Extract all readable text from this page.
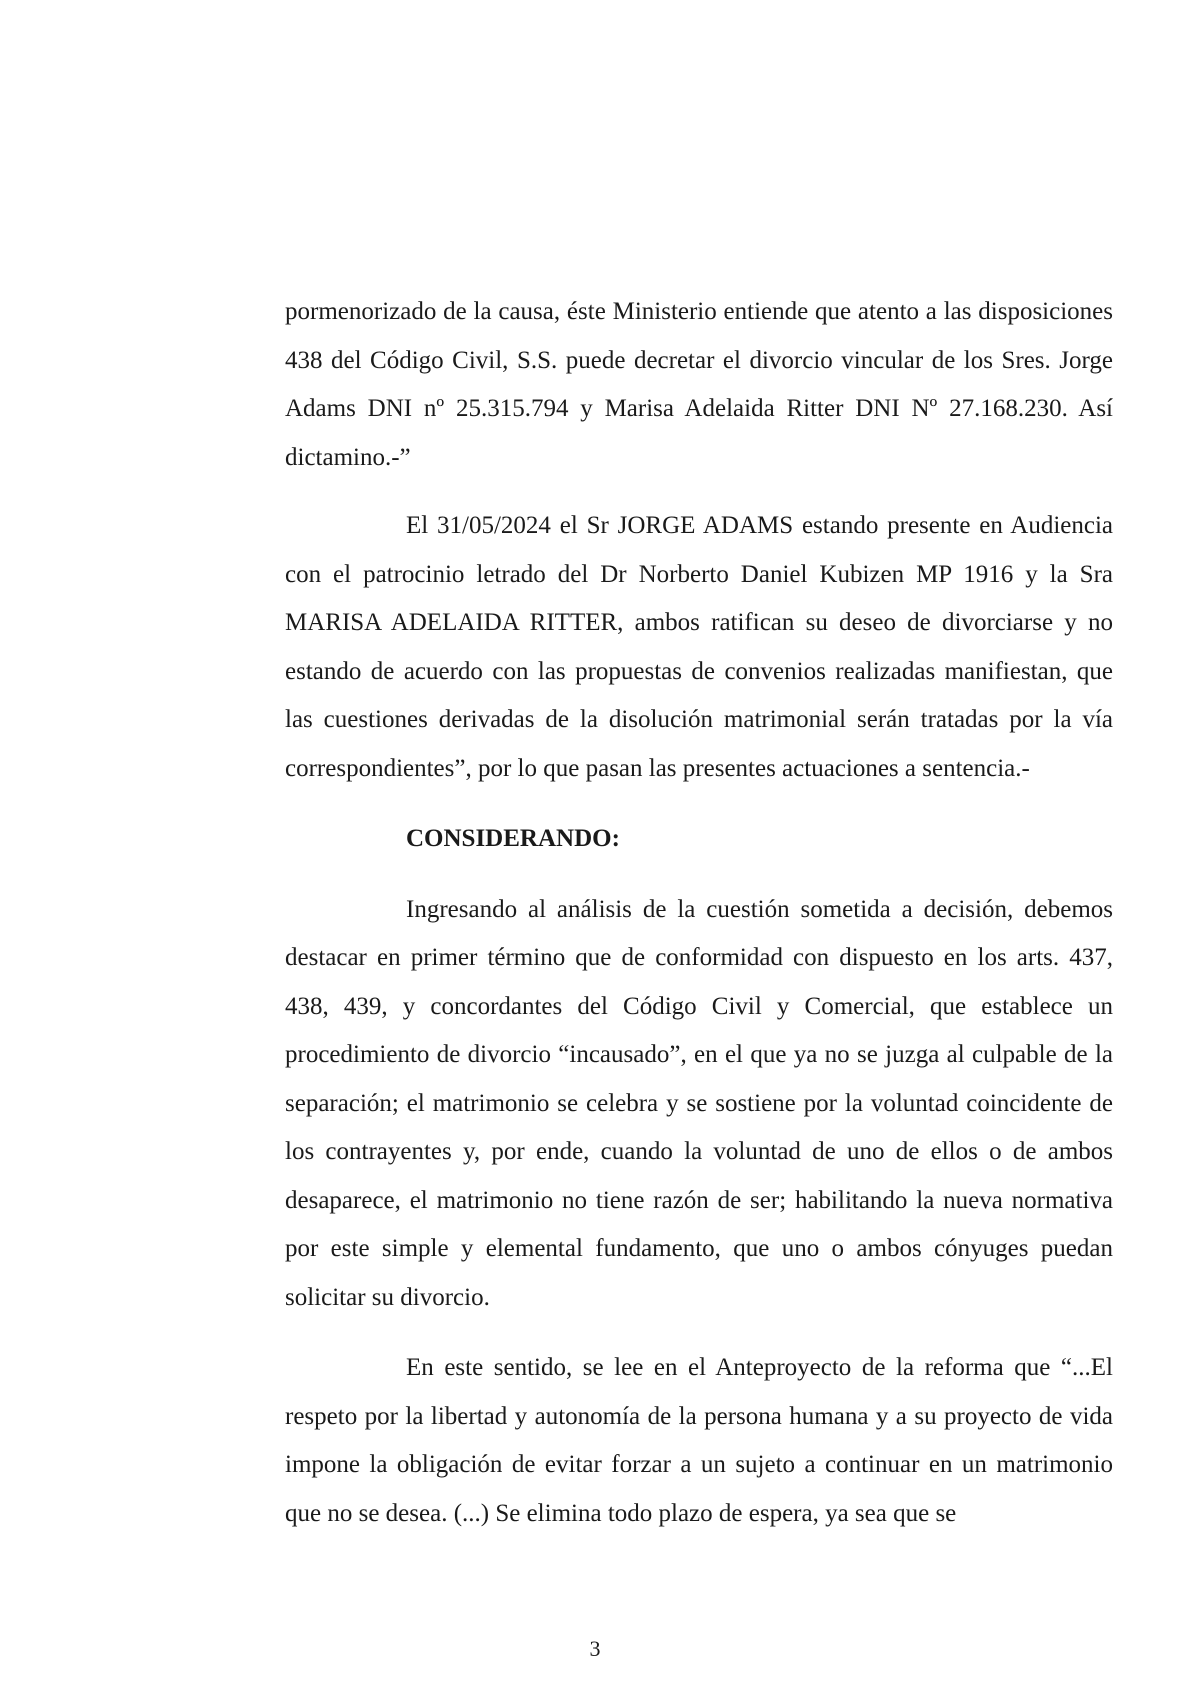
pormenorizado de la causa, éste Ministerio entiende que atento a las disposiciones 438 del Código Civil, S.S. puede decretar el divorcio vincular de los Sres. Jorge Adams DNI nº 25.315.794 y Marisa Adelaida Ritter DNI Nº 27.168.230. Así dictamino.-”

El 31/05/2024 el Sr JORGE ADAMS estando presente en Audiencia con el patrocinio letrado del Dr Norberto Daniel Kubizen MP 1916 y la Sra MARISA ADELAIDA RITTER, ambos ratifican su deseo de divorciarse y no estando de acuerdo con las propuestas de convenios realizadas manifiestan, que las cuestiones derivadas de la disolución matrimonial serán tratadas por la vía correspondientes”, por lo que pasan las presentes actuaciones a sentencia.-

CONSIDERANDO:

Ingresando al análisis de la cuestión sometida a decisión, debemos destacar en primer término que de conformidad con dispuesto en los arts. 437, 438, 439, y concordantes del Código Civil y Comercial, que establece un procedimiento de divorcio “incausado”, en el que ya no se juzga al culpable de la separación; el matrimonio se celebra y se sostiene por la voluntad coincidente de los contrayentes y, por ende, cuando la voluntad de uno de ellos o de ambos desaparece, el matrimonio no tiene razón de ser; habilitando la nueva normativa por este simple y elemental fundamento, que uno o ambos cónyuges puedan solicitar su divorcio.

En este sentido, se lee en el Anteproyecto de la reforma que “...El respeto por la libertad y autonomía de la persona humana y a su proyecto de vida impone la obligación de evitar forzar a un sujeto a continuar en un matrimonio que no se desea. (...) Se elimina todo plazo de espera, ya sea que se

3
